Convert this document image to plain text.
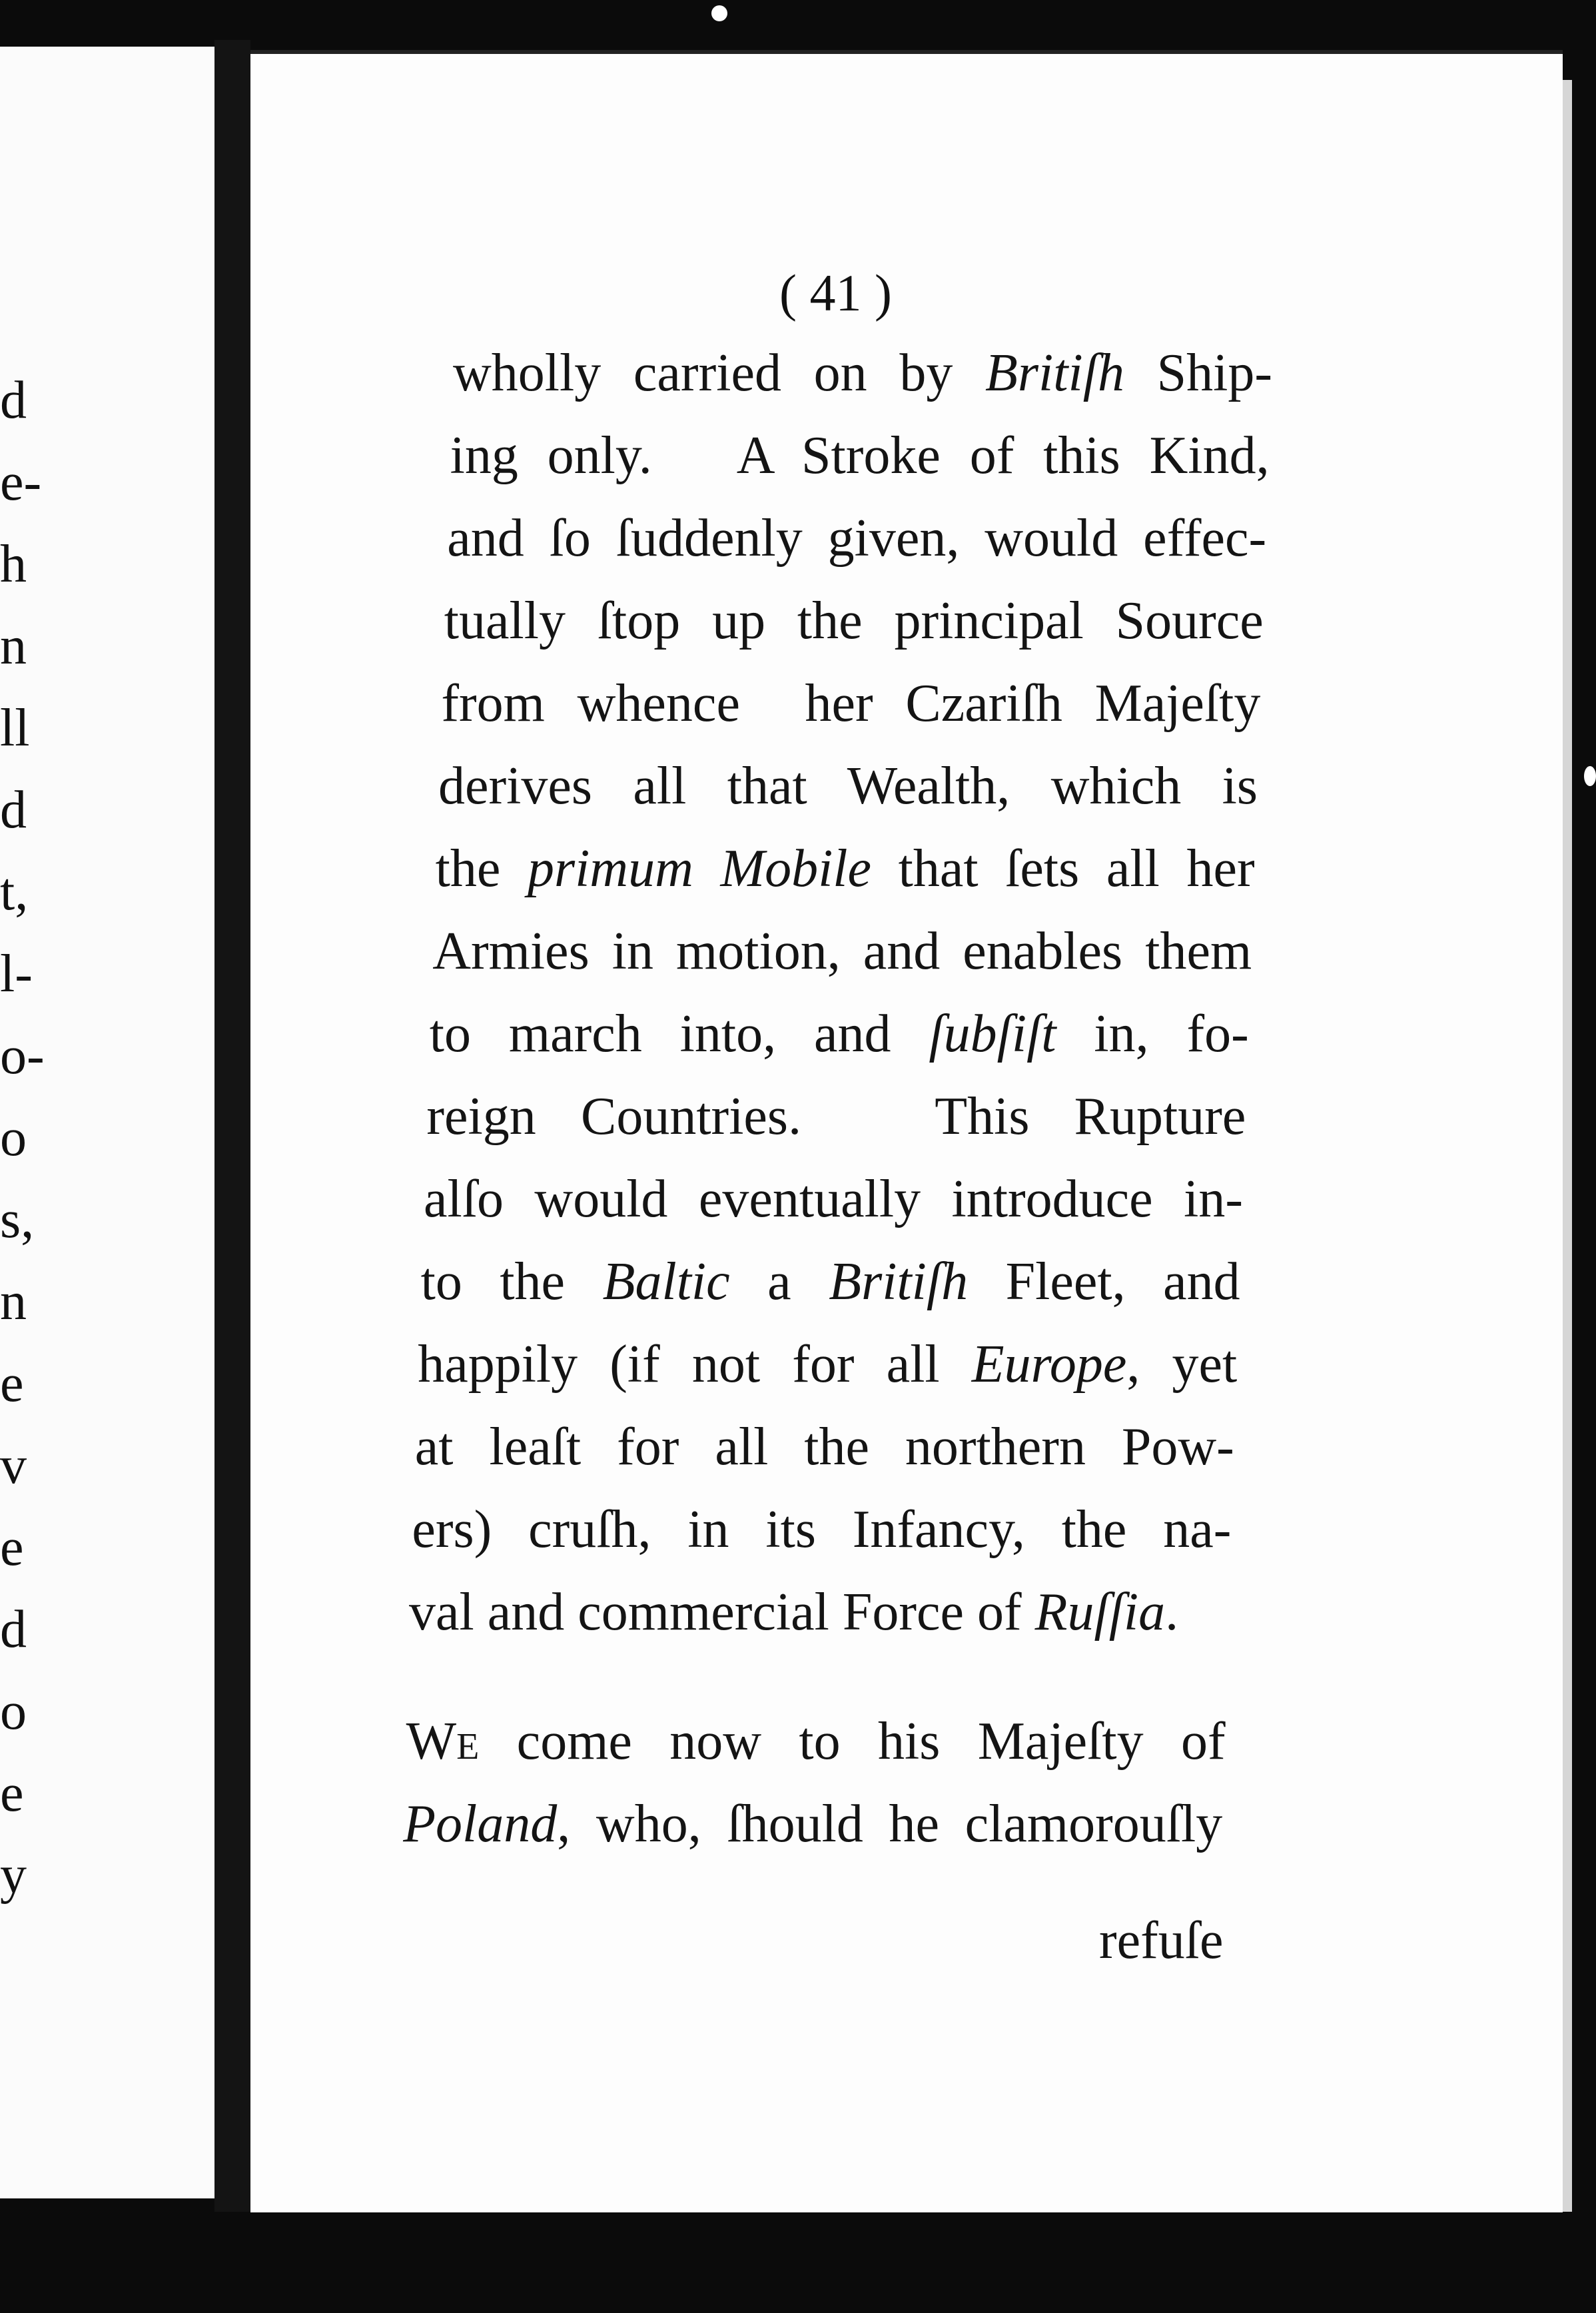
d
e-
h
n
ll
d
t,
l-
o-
o
s,
n
e
v
e
d
o
e
y
( 41 )
wholly carried on by Britiſh Ship-
ing only.   A Stroke of this Kind,
and ſo ſuddenly given, would effec-
tually ſtop up the principal Source
from whence  her Czariſh Majeſty
derives all that Wealth, which is
the primum Mobile that ſets all her
Armies in motion, and enables them
to march into, and ſubſiſt in, fo-
reign Countries.   This Rupture
alſo would eventually introduce in-
to the Baltic a Britiſh Fleet, and
happily (if not for all Europe, yet
at leaſt for all the northern Pow-
ers) cruſh, in its Infancy, the na-
val and commercial Force of Ruſſia.
We come now to his Majeſty of
Poland, who, ſhould he clamorouſly
refuſe
